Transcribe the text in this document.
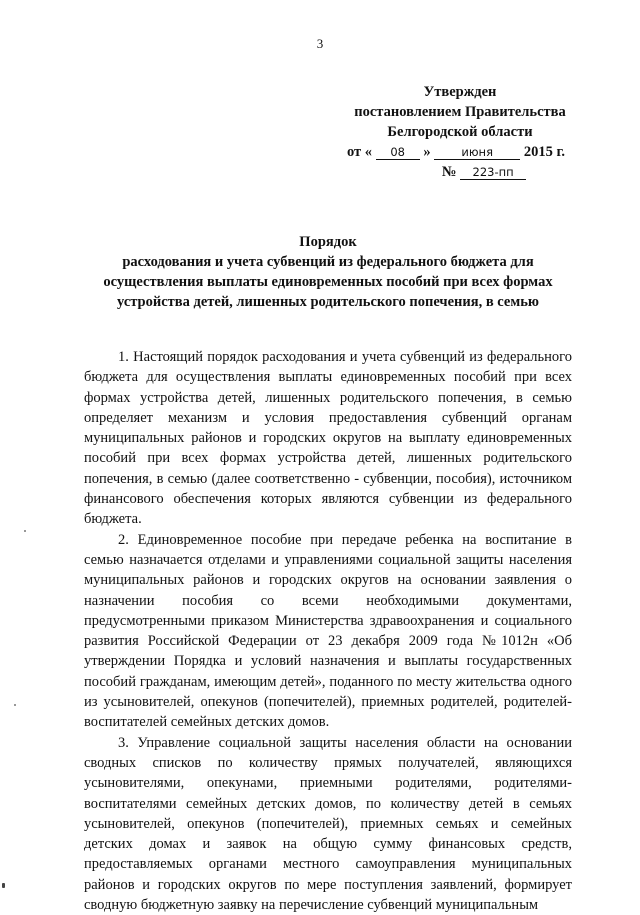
3
Утвержден
постановлением Правительства
Белгородской области
от « 08 »	июня 2015 г.
№ 223-пп
Порядок
расходования и учета субвенций из федерального бюджета для
осуществления выплаты единовременных пособий при всех формах
устройства детей, лишенных родительского попечения, в семью

1. Настоящий порядок расходования и учета субвенций из федерального бюджета для осуществления выплаты единовременных пособий при всех формах устройства детей, лишенных родительского попечения, в семью определяет механизм и условия предоставления субвенций органам муниципальных районов и городских округов на выплату единовременных пособий при всех формах устройства детей, лишенных родительского попечения, в семью (далее соответственно - субвенции, пособия), источником финансового обеспечения которых являются субвенции из федерального бюджета.

2. Единовременное пособие при передаче ребенка на воспитание в семью назначается отделами и управлениями социальной защиты населения муниципальных районов и городских округов на основании заявления о назначении пособия со всеми необходимыми документами, предусмотренными приказом Министерства здравоохранения и социального развития Российской Федерации от 23 декабря 2009 года №1012н «Об утверждении Порядка и условий назначения и выплаты государственных пособий гражданам, имеющим детей», поданного по месту жительства одного из усыновителей, опекунов (попечителей), приемных родителей, родителей-воспитателей семейных детских домов.

3. Управление социальной защиты населения области на основании сводных списков по количеству прямых получателей, являющихся усыновителями, опекунами, приемными родителями, родителями-воспитателями семейных детских домов, по количеству детей в семьях усыновителей, опекунов (попечителей), приемных семьях и семейных детских домах и заявок на общую сумму финансовых средств, предоставляемых органами местного самоуправления муниципальных районов и городских округов по мере поступления заявлений, формирует сводную бюджетную заявку на перечисление субвенций муниципальным
